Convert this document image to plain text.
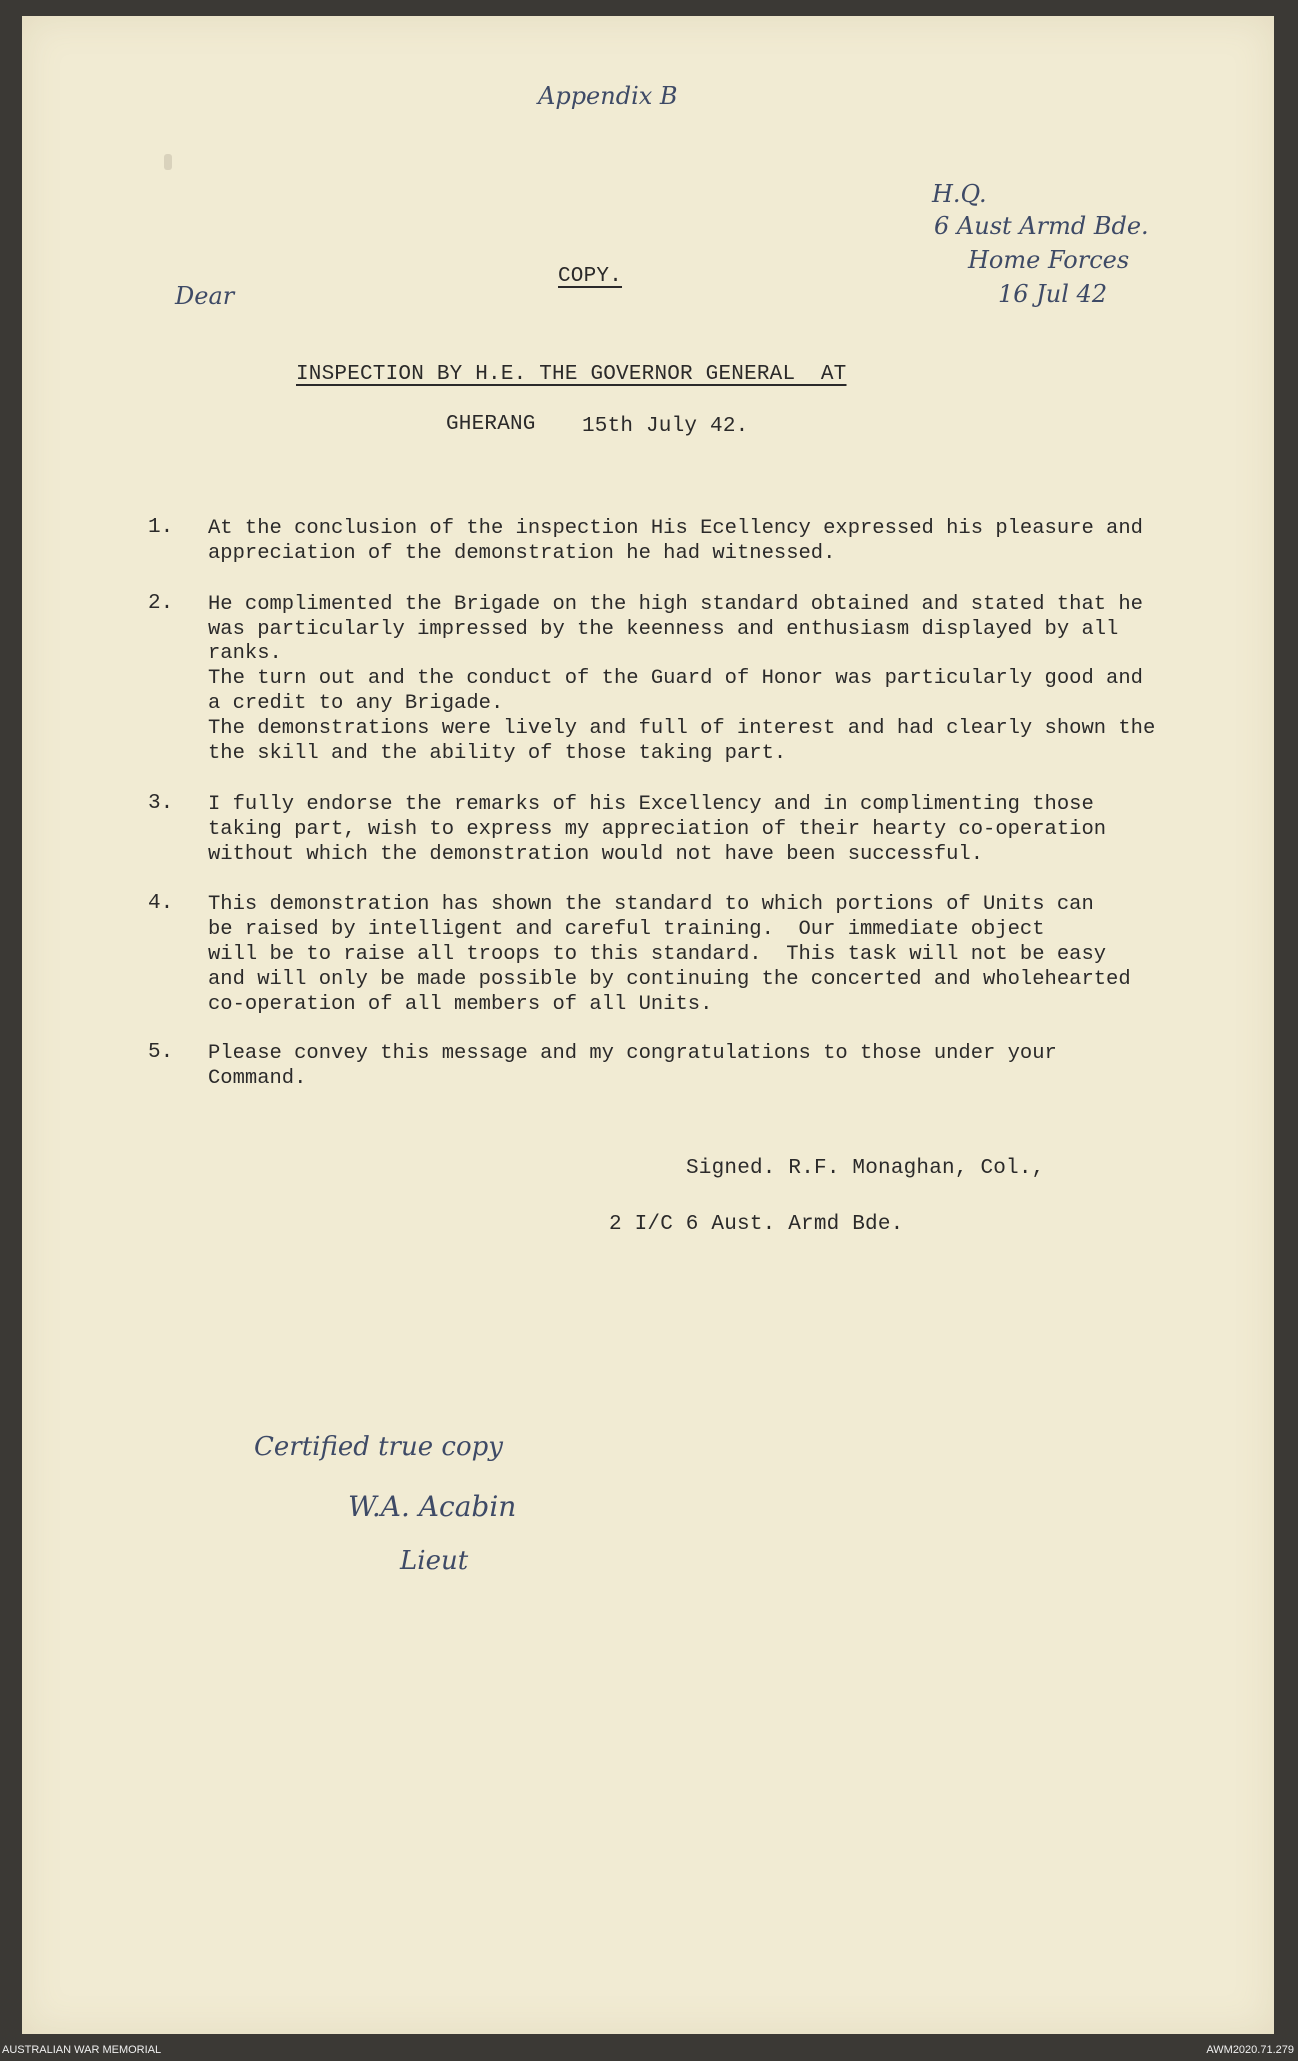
Appendix B
H.Q.
6 Aust Armd Bde.
Home Forces
16 Jul 42
Dear
COPY.
INSPECTION BY H.E. THE GOVERNOR GENERAL  AT
GHERANG 15th July 42.
1. At the conclusion of the inspection His Ecellency expressed his pleasure and
appreciation of the demonstration he had witnessed.
2. He complimented the Brigade on the high standard obtained and stated that he
was particularly impressed by the keenness and enthusiasm displayed by all
ranks.
The turn out and the conduct of the Guard of Honor was particularly good and
a credit to any Brigade.
The demonstrations were lively and full of interest and had clearly shown the
the skill and the ability of those taking part.
3. I fully endorse the remarks of his Excellency and in complimenting those
taking part, wish to express my appreciation of their hearty co-operation
without which the demonstration would not have been successful.
4. This demonstration has shown the standard to which portions of Units can
be raised by intelligent and careful training.  Our immediate object
will be to raise all troops to this standard.  This task will not be easy
and will only be made possible by continuing the concerted and wholehearted
co-operation of all members of all Units.
5. Please convey this message and my congratulations to those under your
Command.
Signed. R.F. Monaghan, Col.,
2 I/C 6 Aust. Armd Bde.
Certified true copy
W.A. Acabin
Lieut
AUSTRALIAN WAR MEMORIAL	AWM2020.71.279
